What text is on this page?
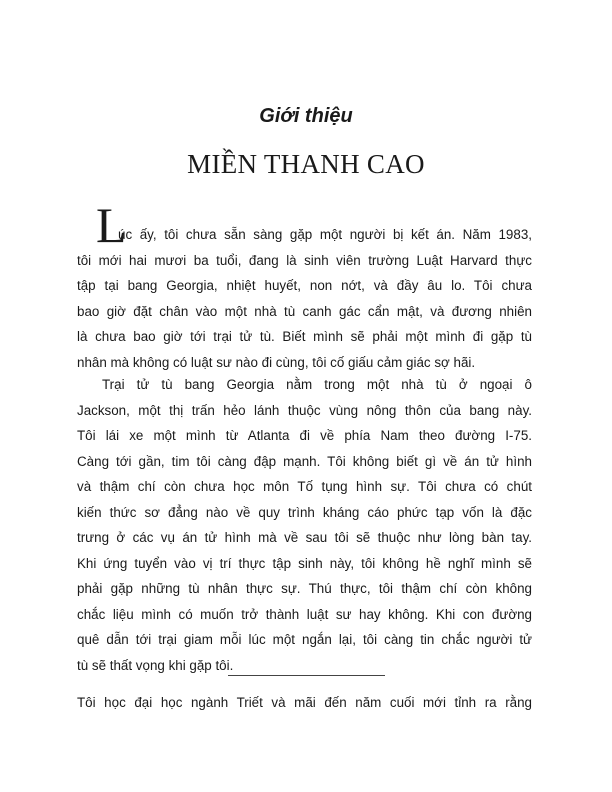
Giới thiệu
MIỀN THANH CAO
L
úc ấy, tôi chưa sẵn sàng gặp một người bị kết án. Năm 1983,
tôi mới hai mươi ba tuổi, đang là sinh viên trường Luật Harvard thực
tập tại bang Georgia, nhiệt huyết, non nớt, và đầy âu lo. Tôi chưa
bao giờ đặt chân vào một nhà tù canh gác cẩn mật, và đương nhiên
là chưa bao giờ tới trại tử tù. Biết mình sẽ phải một mình đi gặp tù
nhân mà không có luật sư nào đi cùng, tôi cố giấu cảm giác sợ hãi.
Trại tử tù bang Georgia nằm trong một nhà tù ở ngoại ô
Jackson, một thị trấn hẻo lánh thuộc vùng nông thôn của bang này.
Tôi lái xe một mình từ Atlanta đi về phía Nam theo đường I-75.
Càng tới gần, tim tôi càng đập mạnh. Tôi không biết gì về án tử hình
và thậm chí còn chưa học môn Tố tụng hình sự. Tôi chưa có chút
kiến thức sơ đẳng nào về quy trình kháng cáo phức tạp vốn là đặc
trưng ở các vụ án tử hình mà về sau tôi sẽ thuộc như lòng bàn tay.
Khi ứng tuyển vào vị trí thực tập sinh này, tôi không hề nghĩ mình sẽ
phải gặp những tù nhân thực sự. Thú thực, tôi thậm chí còn không
chắc liệu mình có muốn trở thành luật sư hay không. Khi con đường
quê dẫn tới trại giam mỗi lúc một ngắn lại, tôi càng tin chắc người tử
tù sẽ thất vọng khi gặp tôi.
Tôi học đại học ngành Triết và mãi đến năm cuối mới tỉnh ra rằng
